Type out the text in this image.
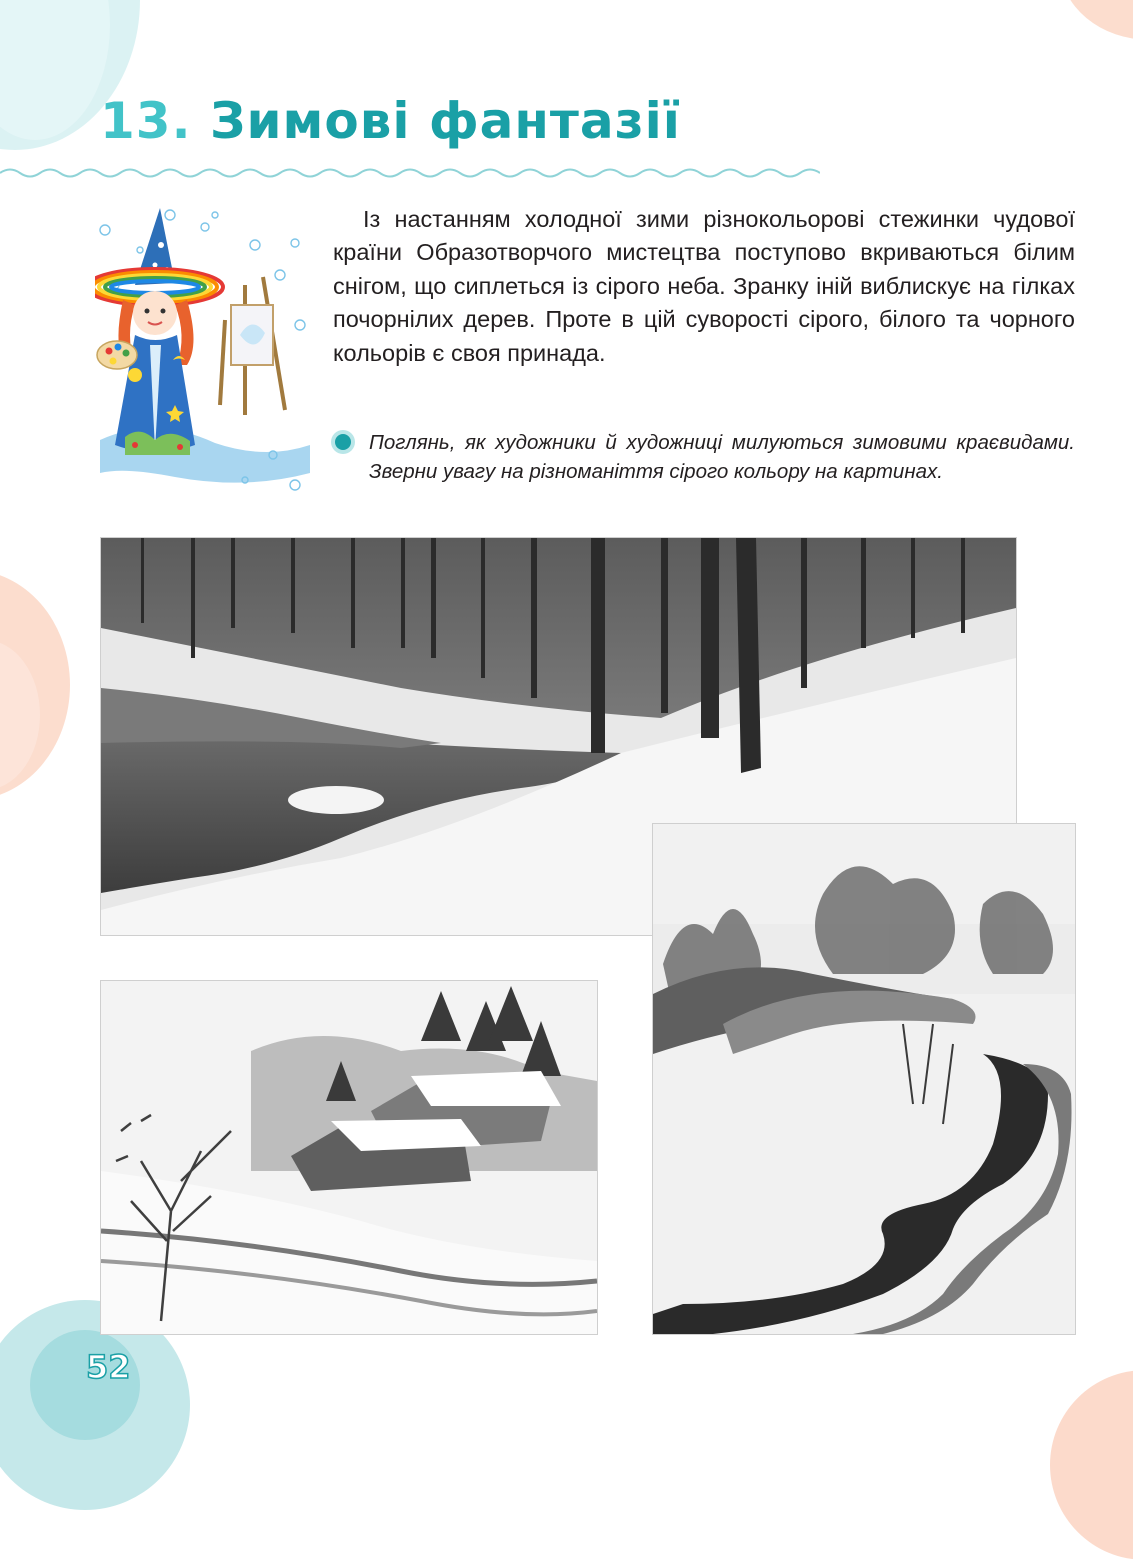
13. Зимові фантазії

Із настанням холодної зими різнокольорові стежинки чудової країни Образотворчого мистецтва поступово вкриваються білим снігом, що сиплеться із сірого неба. Зранку іній виблискує на гілках почорнілих дерев. Проте в цій суворості сірого, білого та чорного кольорів є своя принада.

Поглянь, як художники й художниці милуються зимовими краєвидами. Зверни увагу на різноманіття сірого кольору на картинах.

52
